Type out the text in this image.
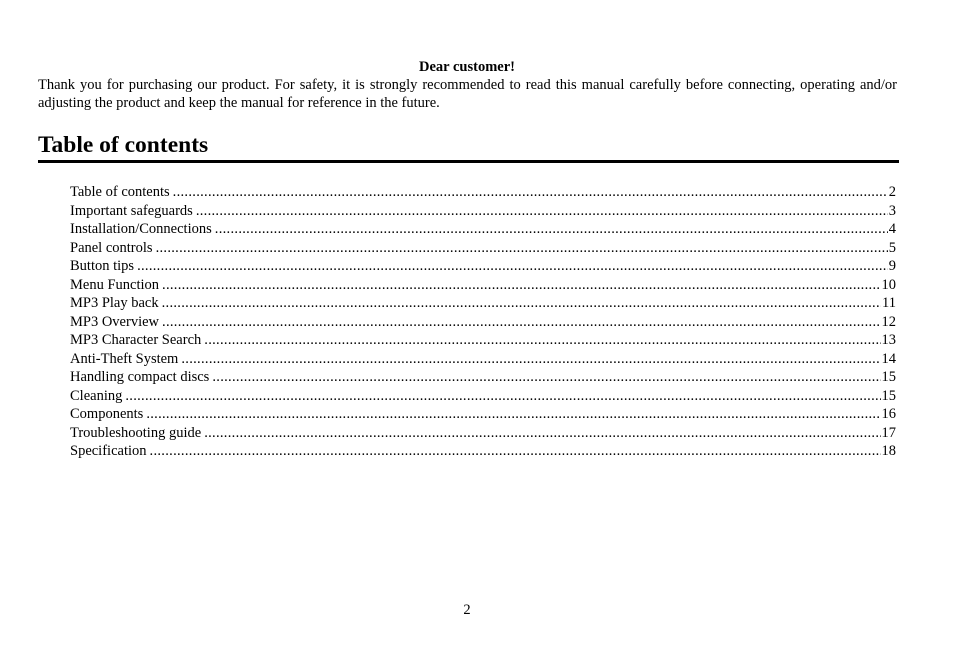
Dear customer!
Thank you for purchasing our product. For safety, it is strongly recommended to read this manual carefully before connecting, operating and/or adjusting the product and keep the manual for reference in the future.
Table of contents
Table of contents .....	2
Important safeguards .....	3
Installation/Connections .....	4
Panel controls .....	5
Button tips .....	9
Menu Function .....	10
MP3 Play back .....	11
MP3 Overview .....	12
MP3 Character Search .....	13
Anti-Theft System .....	14
Handling compact discs .....	15
Cleaning .....	15
Components .....	16
Troubleshooting guide .....	17
Specification .....	18
2
